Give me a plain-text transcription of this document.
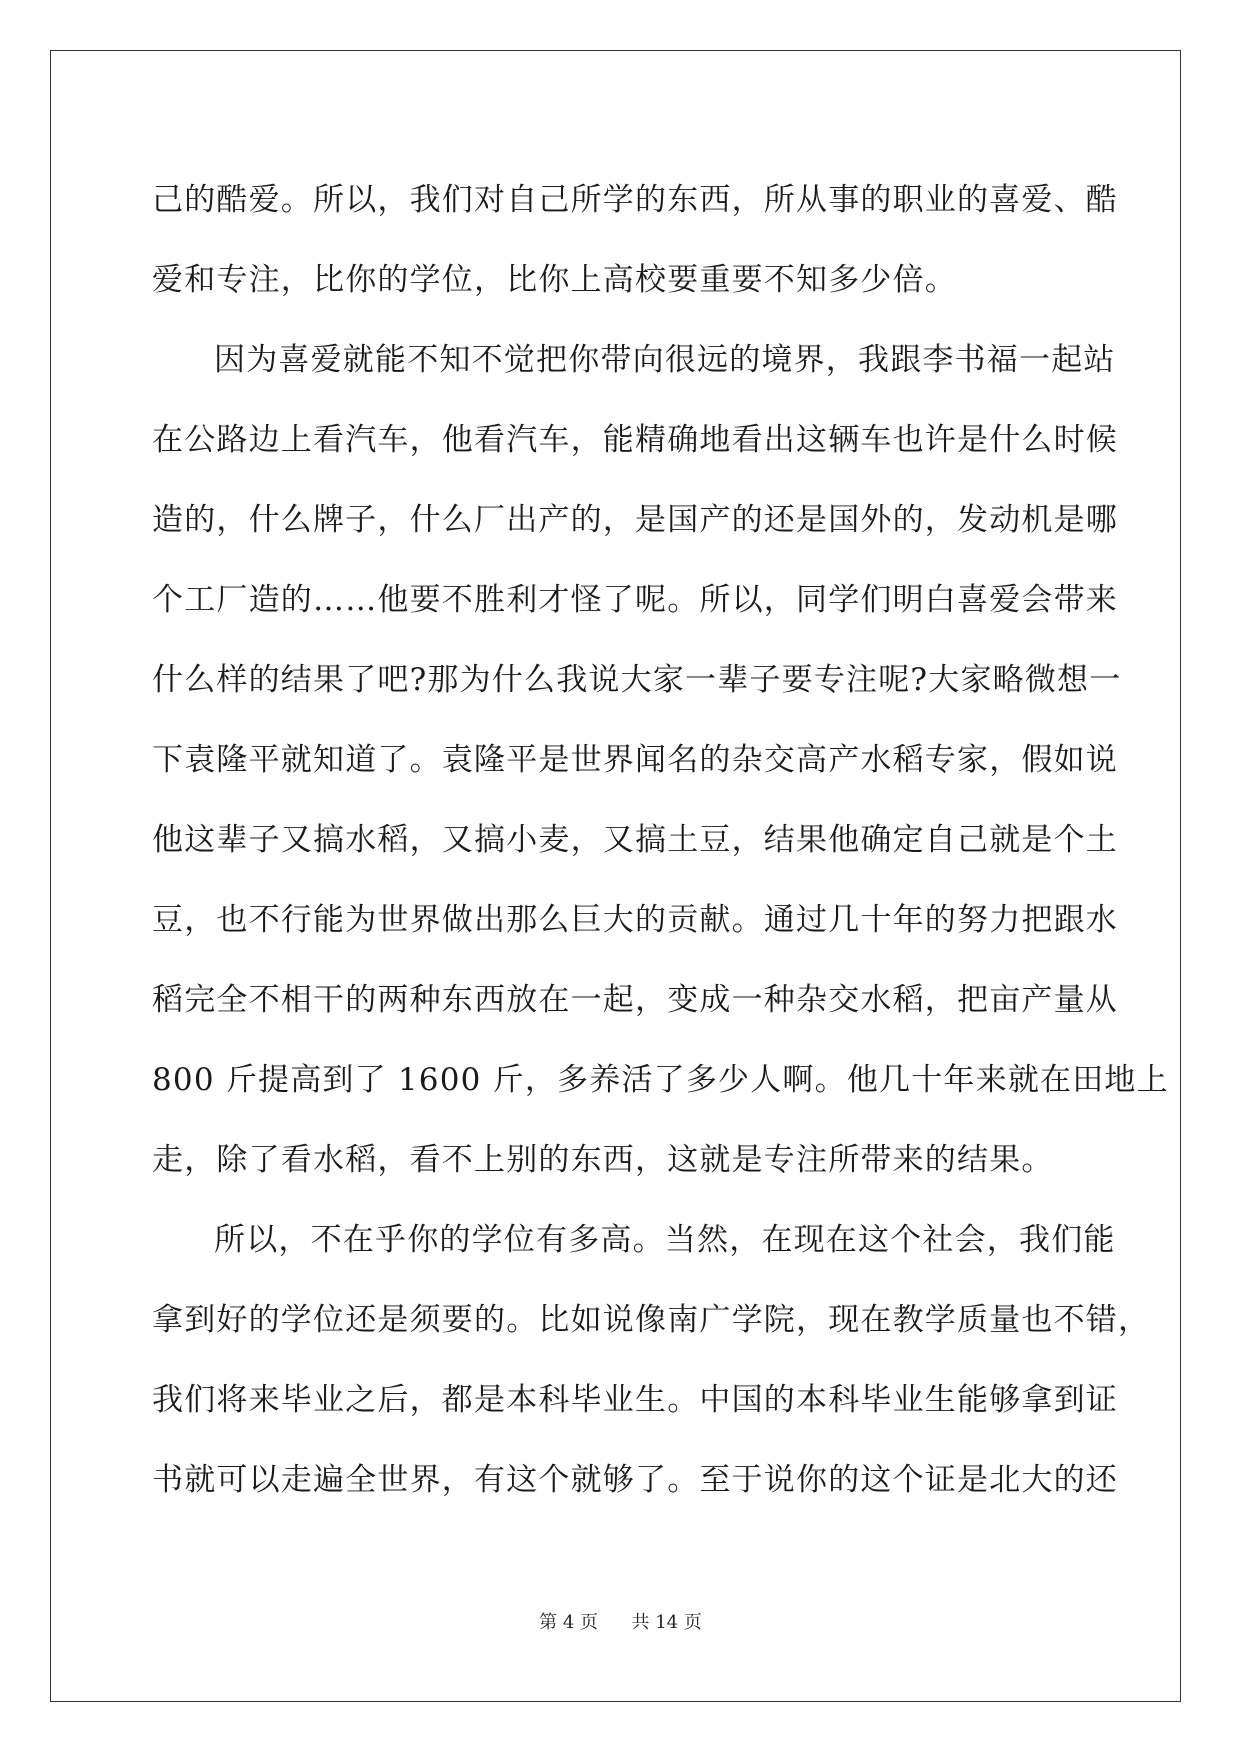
己的酷爱。所以，我们对自己所学的东西，所从事的职业的喜爱、酷
爱和专注，比你的学位，比你上高校要重要不知多少倍。
因为喜爱就能不知不觉把你带向很远的境界，我跟李书福一起站
在公路边上看汽车，他看汽车，能精确地看出这辆车也许是什么时候
造的，什么牌子，什么厂出产的，是国产的还是国外的，发动机是哪
个工厂造的……他要不胜利才怪了呢。所以，同学们明白喜爱会带来
什么样的结果了吧?那为什么我说大家一辈子要专注呢?大家略微想一
下袁隆平就知道了。袁隆平是世界闻名的杂交高产水稻专家，假如说
他这辈子又搞水稻，又搞小麦，又搞土豆，结果他确定自己就是个土
豆，也不行能为世界做出那么巨大的贡献。通过几十年的努力把跟水
稻完全不相干的两种东西放在一起，变成一种杂交水稻，把亩产量从
800 斤提高到了 1600 斤，多养活了多少人啊。他几十年来就在田地上
走，除了看水稻，看不上别的东西，这就是专注所带来的结果。
所以，不在乎你的学位有多高。当然，在现在这个社会，我们能
拿到好的学位还是须要的。比如说像南广学院，现在教学质量也不错，
我们将来毕业之后，都是本科毕业生。中国的本科毕业生能够拿到证
书就可以走遍全世界，有这个就够了。至于说你的这个证是北大的还
第 4 页 共 14 页
